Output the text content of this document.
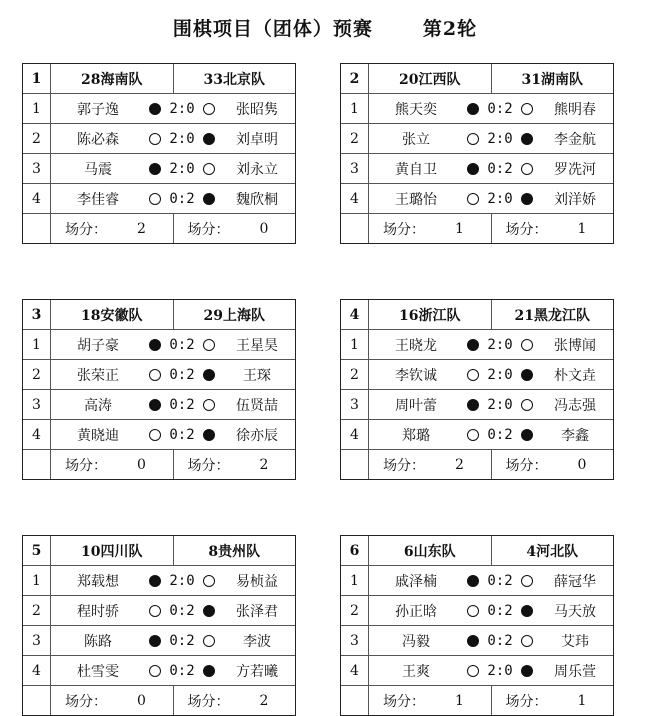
围棋项目（团体）预赛	第2轮
1	28海南队	33北京队
1	郭子逸	2:0	张昭隽
2	陈必森	2:0	刘卓明
3	马震	2:0	刘永立
4	李佳睿	0:2	魏欣桐
场分： 2	场分： 0
2	20江西队	31湖南队
1	熊天奕	0:2	熊明春
2	张立	2:0	李金航
3	黄自卫	0:2	罗冼河
4	王璐怡	2:0	刘洋娇
场分： 1	场分： 1
3	18安徽队	29上海队
1	胡子豪	0:2	王星昊
2	张荣正	0:2	王琛
3	高涛	0:2	伍贤喆
4	黄晓迪	0:2	徐亦辰
场分： 0	场分： 2
4	16浙江队	21黑龙江队
1	王晓龙	2:0	张博闻
2	李钦诚	2:0	朴文垚
3	周叶蕾	2:0	冯志强
4	郑璐	0:2	李鑫
场分： 2	场分： 0
5	10四川队	8贵州队
1	郑载想	2:0	易桢益
2	程时骄	0:2	张泽君
3	陈路	0:2	李波
4	杜雪雯	0:2	方若曦
场分： 0	场分： 2
6	6山东队	4河北队
1	戚泽楠	0:2	薛冠华
2	孙正晗	0:2	马天放
3	冯毅	0:2	艾玮
4	王爽	2:0	周乐萱
场分： 1	场分： 1
